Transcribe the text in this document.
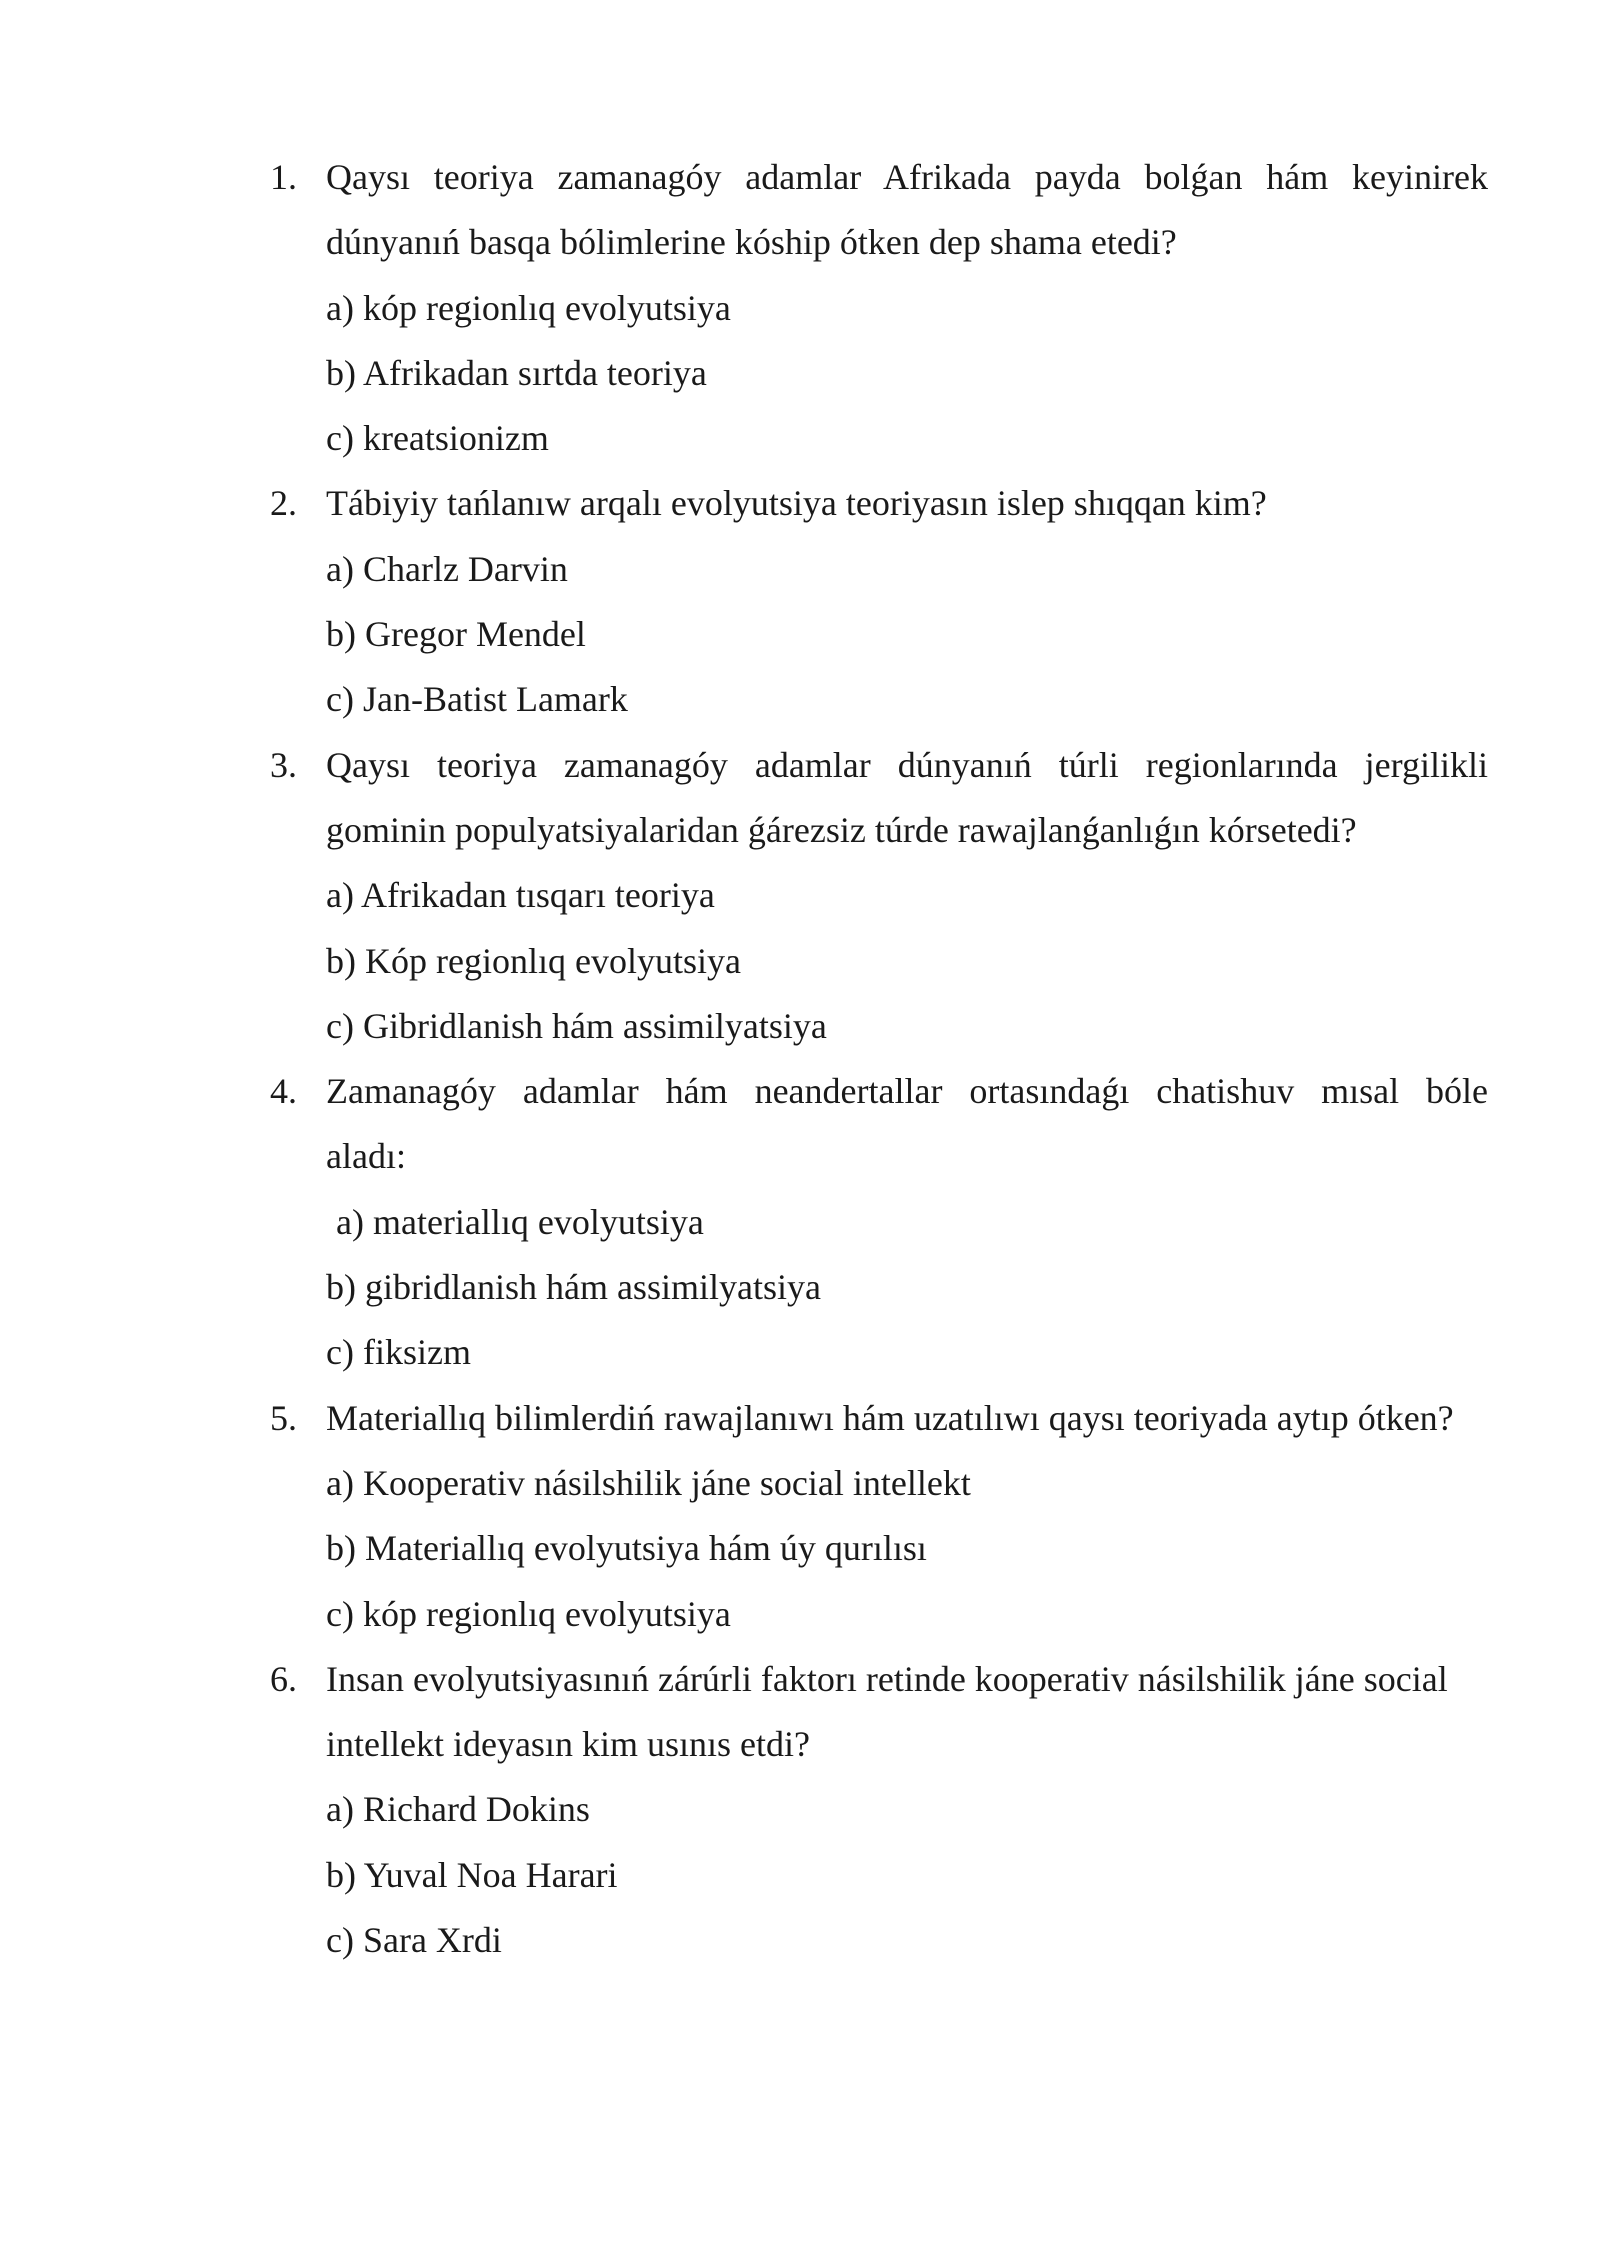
1. Qaysı teoriya zamanagóy adamlar Afrikada payda bolǵan hám keyinirek
dúnyanıń basqa bólimlerine kóship ótken dep shama etedi?
a) kóp regionlıq evolyutsiya
b) Afrikadan sırtda teoriya
c) kreatsionizm
2. Tábiyiy tańlanıw arqalı evolyutsiya teoriyasın islep shıqqan kim?
a) Charlz Darvin
b) Gregor Mendel
c) Jan-Batist Lamark
3. Qaysı teoriya zamanagóy adamlar dúnyanıń túrli regionlarında jergilikli
gominin populyatsiyalaridan ǵárezsiz túrde rawajlanǵanlıǵın kórsetedi?
a) Afrikadan tısqarı teoriya
b) Kóp regionlıq evolyutsiya
c) Gibridlanish hám assimilyatsiya
4. Zamanagóy adamlar hám neandertallar ortasındaǵı chatishuv mısal bóle
aladı:
a) materiallıq evolyutsiya
b) gibridlanish hám assimilyatsiya
c) fiksizm
5. Materiallıq bilimlerdiń rawajlanıwı hám uzatılıwı qaysı teoriyada aytıp ótken?
a) Kooperativ násilshilik jáne social intellekt
b) Materiallıq evolyutsiya hám úy qurılısı
c) kóp regionlıq evolyutsiya
6. Insan evolyutsiyasınıń zárúrli faktorı retinde kooperativ násilshilik jáne social
intellekt ideyasın kim usınıs etdi?
a) Richard Dokins
b) Yuval Noa Harari
c) Sara Xrdi
